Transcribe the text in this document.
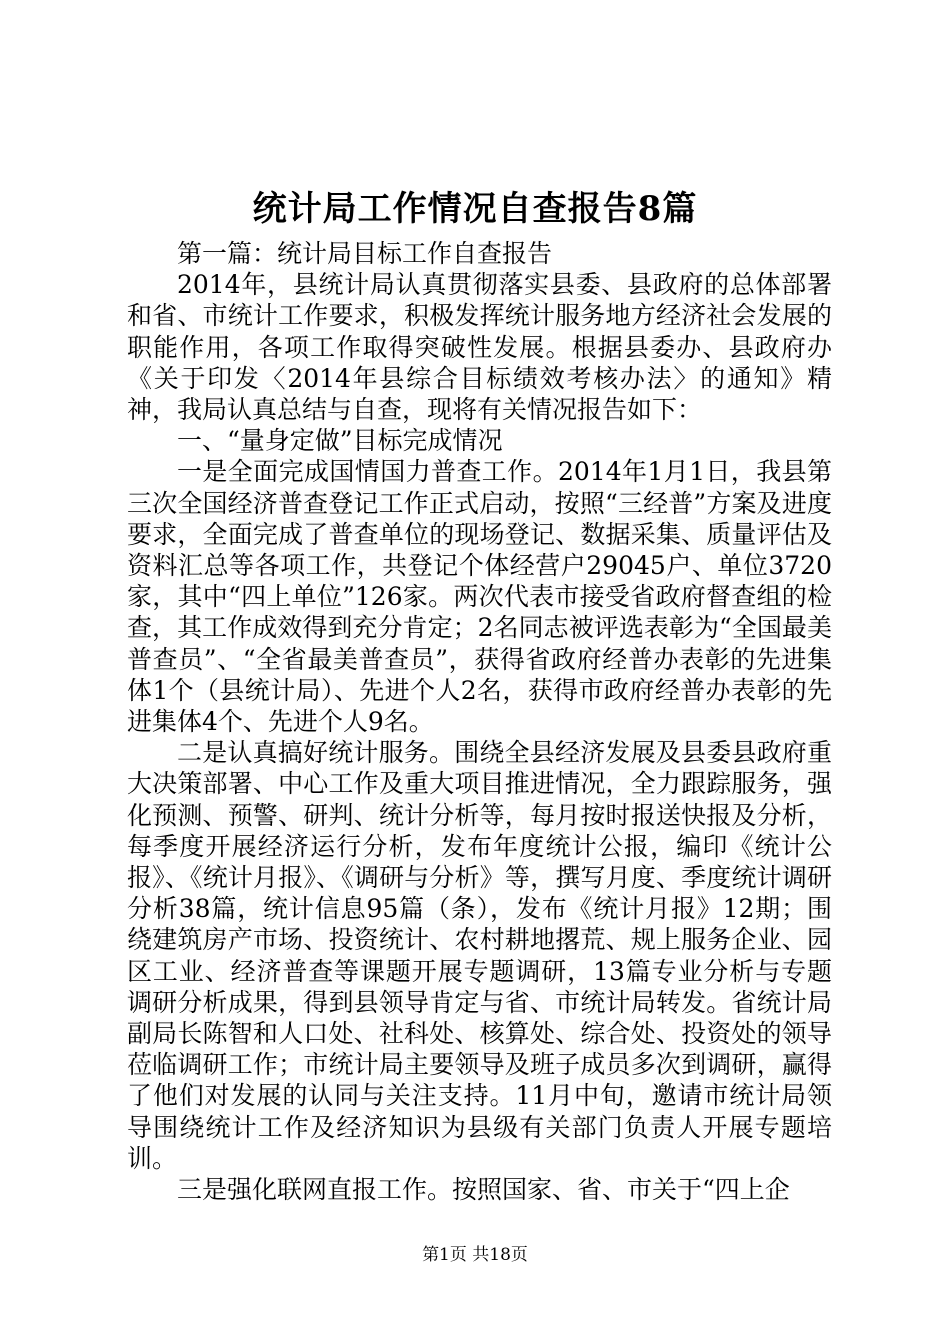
统计局工作情况自查报告8篇

第一篇：统计局目标工作自查报告

2014年，县统计局认真贯彻落实县委、县政府的总体部署和省、市统计工作要求，积极发挥统计服务地方经济社会发展的职能作用，各项工作取得突破性发展。根据县委办、县政府办《关于印发〈2014年县综合目标绩效考核办法〉的通知》精神，我局认真总结与自查，现将有关情况报告如下：

一、“量身定做”目标完成情况

一是全面完成国情国力普查工作。2014年1月1日，我县第三次全国经济普查登记工作正式启动，按照“三经普”方案及进度要求，全面完成了普查单位的现场登记、数据采集、质量评估及资料汇总等各项工作，共登记个体经营户29045户、单位3720家，其中“四上单位”126家。两次代表市接受省政府督查组的检查，其工作成效得到充分肯定；2名同志被评选表彰为“全国最美普查员”、“全省最美普查员”，获得省政府经普办表彰的先进集体1个（县统计局）、先进个人2名，获得市政府经普办表彰的先进集体4个、先进个人9名。

二是认真搞好统计服务。围绕全县经济发展及县委县政府重大决策部署、中心工作及重大项目推进情况，全力跟踪服务，强化预测、预警、研判、统计分析等，每月按时报送快报及分析，每季度开展经济运行分析，发布年度统计公报，编印《统计公报》、《统计月报》、《调研与分析》等，撰写月度、季度统计调研分析38篇，统计信息95篇（条），发布《统计月报》12期；围绕建筑房产市场、投资统计、农村耕地撂荒、规上服务企业、园区工业、经济普查等课题开展专题调研，13篇专业分析与专题调研分析成果，得到县领导肯定与省、市统计局转发。省统计局副局长陈智和人口处、社科处、核算处、综合处、投资处的领导莅临调研工作；市统计局主要领导及班子成员多次到调研，赢得了他们对发展的认同与关注支持。11月中旬，邀请市统计局领导围绕统计工作及经济知识为县级有关部门负责人开展专题培训。

三是强化联网直报工作。按照国家、省、市关于“四上企

第1页 共18页
